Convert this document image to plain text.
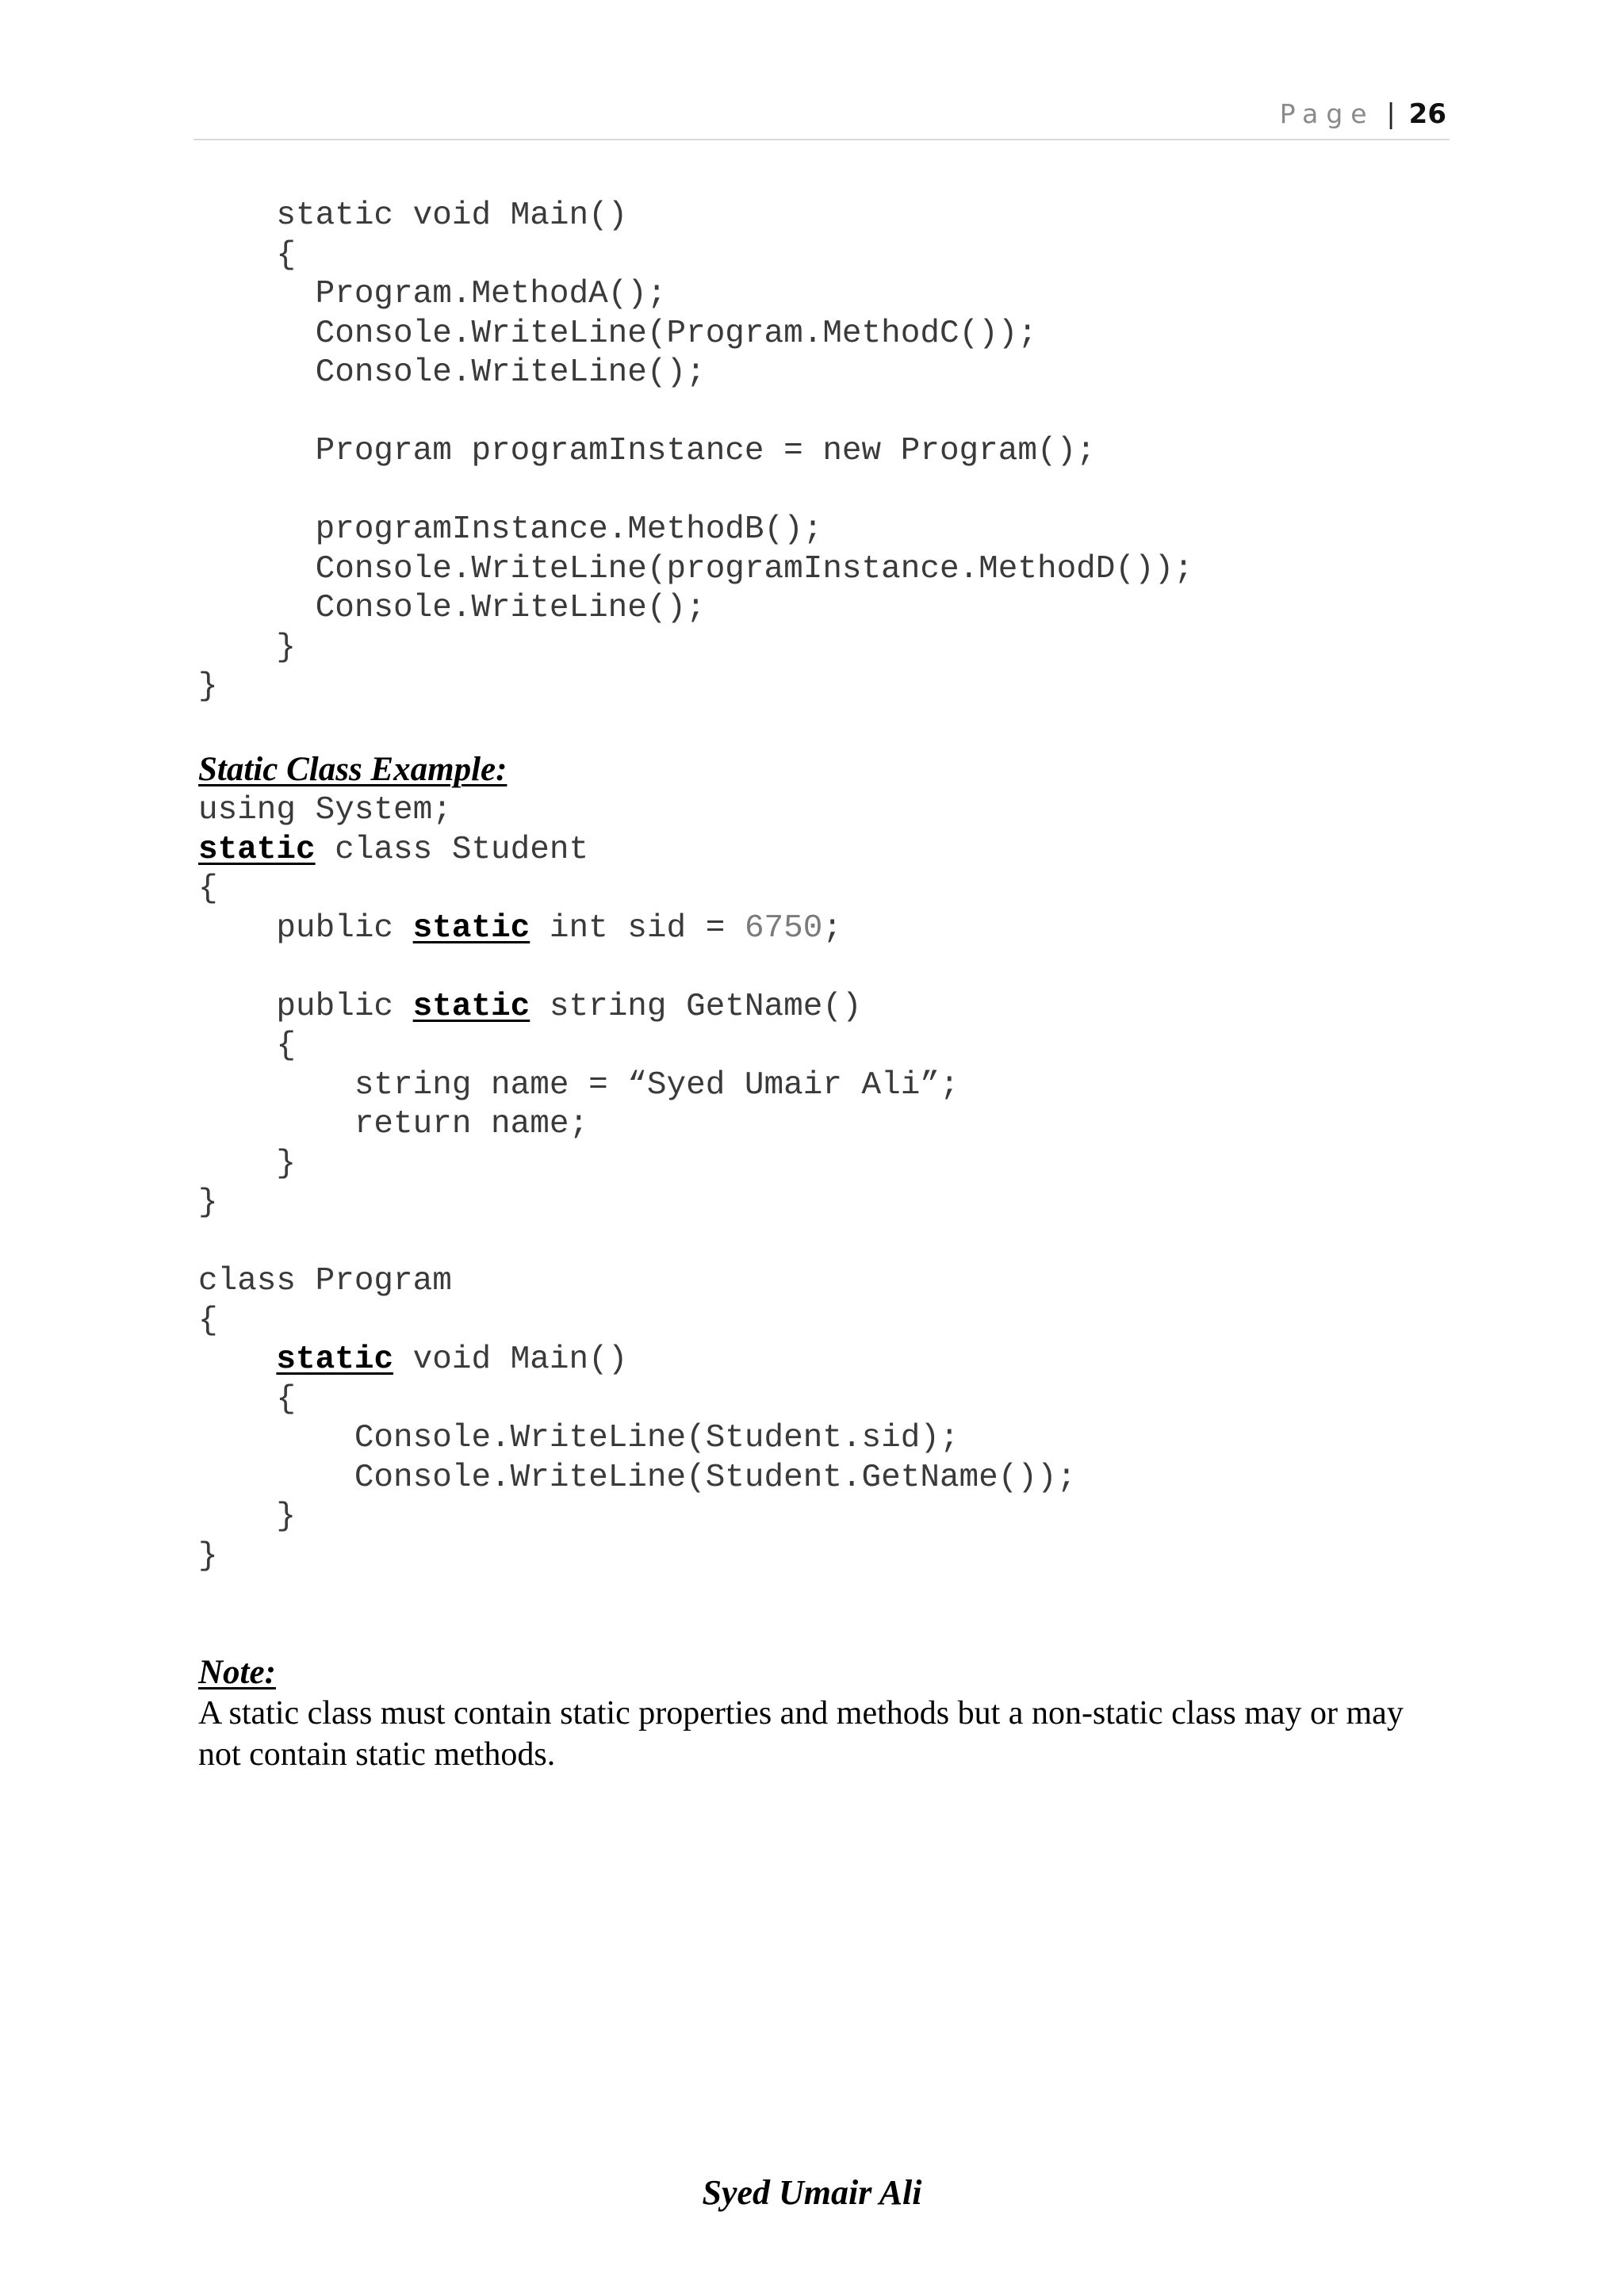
Page | 26
static void Main()
{
Program.MethodA();
Console.WriteLine(Program.MethodC());
Console.WriteLine();

Program programInstance = new Program();

programInstance.MethodB();
Console.WriteLine(programInstance.MethodD());
Console.WriteLine();
}
}
Static Class Example:
using System;
static class Student
{
public static int sid = 6750;

public static string GetName()
{
string name = “Syed Umair Ali”;
return name;
}
}

class Program
{
static void Main()
{
Console.WriteLine(Student.sid);
Console.WriteLine(Student.GetName());
}
}
Note:

A static class must contain static properties and methods but a non-static class may or may not contain static methods.

Syed Umair Ali
